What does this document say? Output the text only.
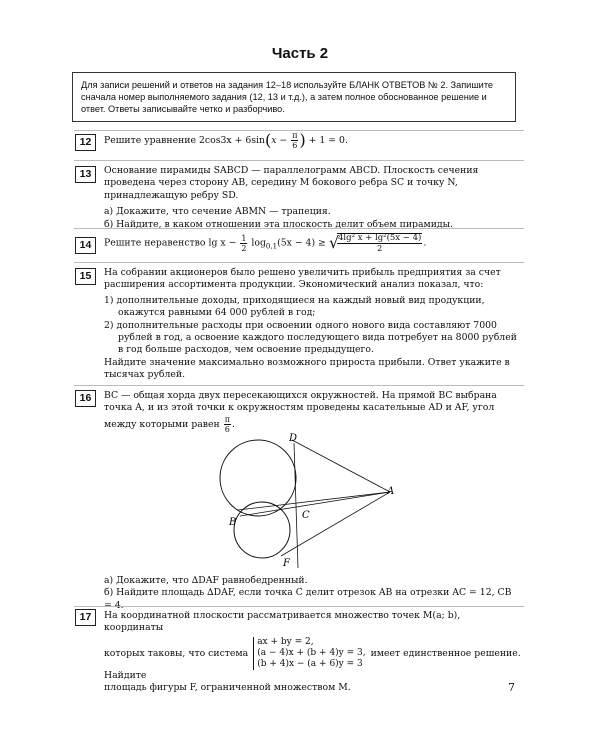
Часть 2
Для записи решений и ответов на задания 12–18 используйте БЛАНК ОТВЕТОВ № 2. Запишите сначала номер выполняемого задания (12, 13 и т.д.), а затем полное обоснованное решение и ответ. Ответы записывайте четко и разборчиво.
12	Решите уравнение $2\cos 3x + 6\sin(x - \frac{\pi}{6}$ ) + 1 = 0.
13	Основание пирамиды SABCD — параллелограмм ABCD. Плоскость сечения проведена через сторону AB, середину M бокового ребра SC и точку N, принадлежащую ребру SD.

а) Докажите, что сечение ABMN — трапеция.

б) Найдите, в каком отношении эта плоскость делит объем пирамиды.

14	Решите неравенство $\lg x - \frac{1}{2} \log_{0,1}(5x - 4)$ ≥ √
$\frac{\text{4lg² x + lg²(5x − 4)}}{2}$ .
15	На собрании акционеров было решено увеличить прибыль предприятия за счет расширения ассортимента продукции. Экономический анализ показал, что:

1) дополнительные доходы, приходящиеся на каждый новый вид продукции, окажутся равными 64 000 рублей в год;

2) дополнительные расходы при освоении одного нового вида составляют 7000 рублей в год, а освоение каждого последующего вида потребует на 8000 рублей в год больше расходов, чем освоение предыдущего.

Найдите значение максимально возможного прироста прибыли. Ответ укажите в тысячах рублей.

16	BC — общая хорда двух пересекающихся окружностей. На прямой BC выбрана точка A, и из этой точки к окружностям проведены касательные AD и AF, угол между которыми равен $\frac{\pi}{6}$ .
D
A
B
C
F

а) Докажите, что ∆DAF равнобедренный.

б) Найдите площадь ∆DAF, если точка C делит отрезок AB на отрезки AC = 12, CB = 4.

17	На координатной плоскости рассматривается множество точек M(a; b), координаты

которых таковы, что система
ax + by = 2,
(a − 4)x + (b + 4)y = 3,
(b + 4)x − (a + 6)y = 3
имеет единственное решение. Найдите

площадь фигуры F, ограниченной множеством M.	7
